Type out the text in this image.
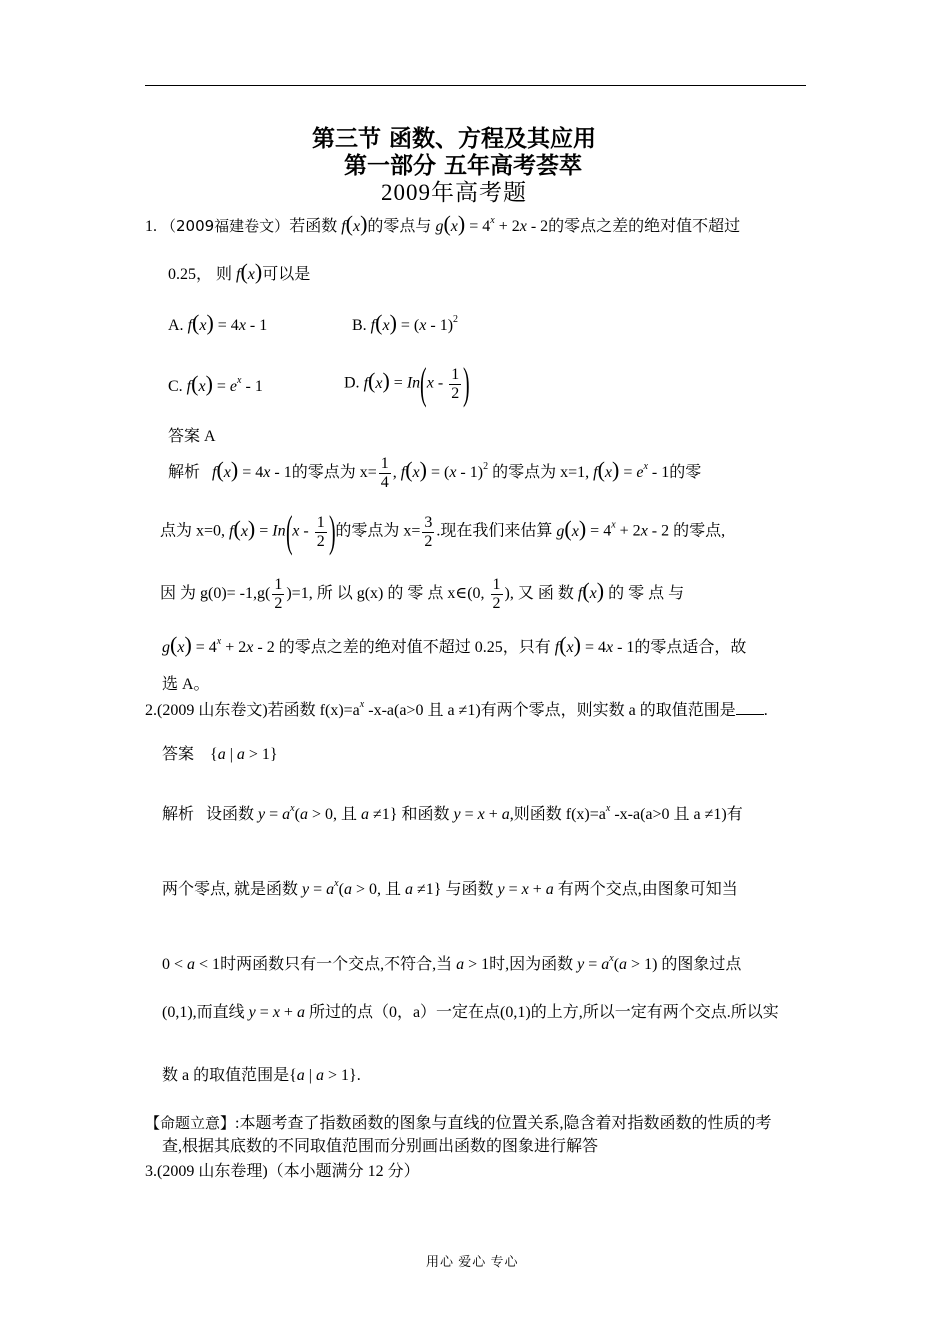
第三节 函数、方程及其应用
第一部分 五年高考荟萃
2009年高考题
1. （2009福建卷文）若函数 f(x)的零点与 $g(x) = 4^x + 2x - 2$的零点之差的绝对值不超过
0.25， 则 f(x)可以是
A. f(x) = 4x - 1	B. f(x) = (x - 1)$^2$
C. $f(x) = e^x - 1$	D. $f(x) = In(x - \frac{1}{2}$ )
答案 A
解析 f(x) = 4x - 1的零点为 $x= \frac{1}{4}$ , f(x) = (x - 1)$^2$ 的零点为 x=1, $f(x) = e^x - 1$的零
点为 x=0, $f(x) = In(x - \frac{1}{2}$ )的零点为 $x= \frac{3}{2}$ .现在我们来估算 $g(x) = 4^x + 2x - 2$ 的零点,
因 为 $g(0)= -1,g( \frac{1}{2} )=1$, 所 以 g(x) 的 零 点 x∈(0, $\frac{1}{2}$ ), 又 函 数 f(x) 的 零 点 与
$g(x) = 4^x + 2x - 2$ 的零点之差的绝对值不超过 0.25，只有 f(x) = 4x - 1的零点适合，故
选 A。
2.(2009 山东卷文)若函数 $f(x)=a^x$ -x-a(a>0 且 a ≠1)有两个零点，则实数 a 的取值范围是 .
答案    {a | a > 1}
解析 设函数 $y = a^x(a > 0$, 且 a ≠1} 和函数 y = x + a,则函数 $f(x)=a^x$ -x-a(a>0 且 a ≠1)有
两个零点, 就是函数 $y = a^x(a > 0$, 且 a ≠1} 与函数 y = x + a 有两个交点,由图象可知当
0 < a < 1时两函数只有一个交点,不符合,当 a > 1时,因为函数 $y = a^x(a > 1)$ 的图象过点
(0,1),而直线 y = x + a 所过的点（0，a）一定在点(0,1)的上方,所以一定有两个交点.所以实
数 a 的取值范围是{a | a > 1}.
【命题立意】:本题考查了指数函数的图象与直线的位置关系,隐含着对指数函数的性质的考
查,根据其底数的不同取值范围而分别画出函数的图象进行解答
3.(2009 山东卷理)（本小题满分 12 分）
用心 爱心 专心
